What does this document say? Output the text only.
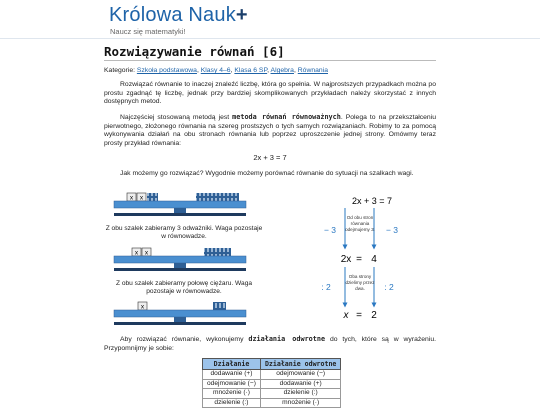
Królowa Nauk+
Naucz się matematyki!
Rozwiązywanie równań [6]
Kategorie: Szkoła podstawowa, Klasy 4–6, Klasa 6 SP, Algebra, Równania
Rozwiązać równanie to inaczej znaleźć liczbę, która go spełnia. W najprostszych przypadkach można po prostu zgadnąć tę liczbę, jednak przy bardziej skomplikowanych przykładach należy skorzystać z innych dostępnych metod.
Najczęściej stosowaną metodą jest metoda równań równoważnych. Polega to na przekształceniu pierwotnego, złożonego równania na szereg prostszych o tych samych rozwiązaniach. Robimy to za pomocą wykonywania działań na obu stronach równania lub poprzez uproszczenie jednej strony. Omówmy teraz prosty przykład równania:
2x + 3 = 7
Jak możemy go rozwiązać? Wygodnie możemy porównać równanie do sytuacji na szalkach wagi.
x x
x x
x
Z obu szalek zabieramy 3 odważniki. Waga pozostaje w równowadze.
Z obu szalek zabieramy połowę ciężaru. Waga pozostaje w równowadze.
2x + 3 = 7
Od obu stron równania odejmujemy 3.
− 3	− 3
2x = 4
Oba strony dzielimy przez dwa.
: 2	: 2
x = 2
Aby rozwiązać równanie, wykonujemy działania odwrotne do tych, które są w wyrażeniu. Przypomnijmy je sobie:
Działanie	Działanie odwrotne
dodawanie (+)	odejmowanie (−)
odejmowanie (−)	dodawanie (+)
mnożenie (·)	dzielenie (:)
dzielenie (:)	mnożenie (·)
